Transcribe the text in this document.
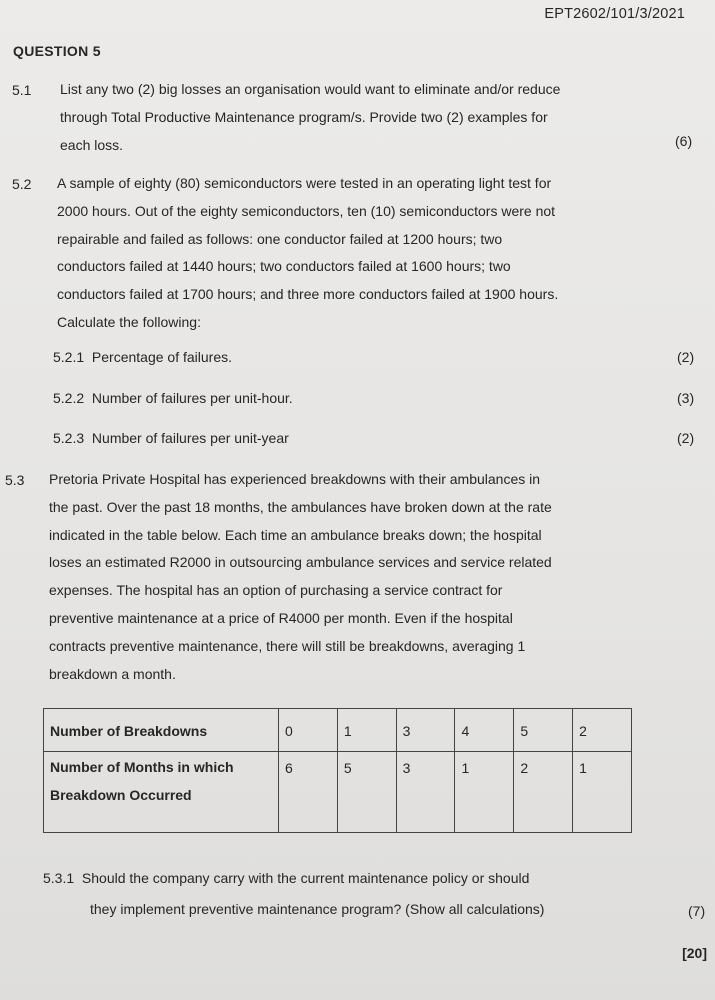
EPT2602/101/3/2021
QUESTION 5
5.1 List any two (2) big losses an organisation would want to eliminate and/or reduce
through Total Productive Maintenance program/s. Provide two (2) examples for
each loss.	(6)
5.2 A sample of eighty (80) semiconductors were tested in an operating light test for
2000 hours. Out of the eighty semiconductors, ten (10) semiconductors were not
repairable and failed as follows: one conductor failed at 1200 hours; two
conductors failed at 1440 hours; two conductors failed at 1600 hours; two
conductors failed at 1700 hours; and three more conductors failed at 1900 hours.
Calculate the following:
5.2.1  Percentage of failures.	(2)
5.2.2  Number of failures per unit-hour.	(3)
5.2.3  Number of failures per unit-year	(2)
5.3 Pretoria Private Hospital has experienced breakdowns with their ambulances in
the past. Over the past 18 months, the ambulances have broken down at the rate
indicated in the table below. Each time an ambulance breaks down; the hospital
loses an estimated R2000 in outsourcing ambulance services and service related
expenses. The hospital has an option of purchasing a service contract for
preventive maintenance at a price of R4000 per month. Even if the hospital
contracts preventive maintenance, there will still be breakdowns, averaging 1
breakdown a month.
Number of Breakdowns	0	1	3	4	5	2

Number of Months in which
Breakdown Occurred	6	5	3	1	2	1
5.3.1  Should the company carry with the current maintenance policy or should
they implement preventive maintenance program? (Show all calculations)	(7)
[20]
